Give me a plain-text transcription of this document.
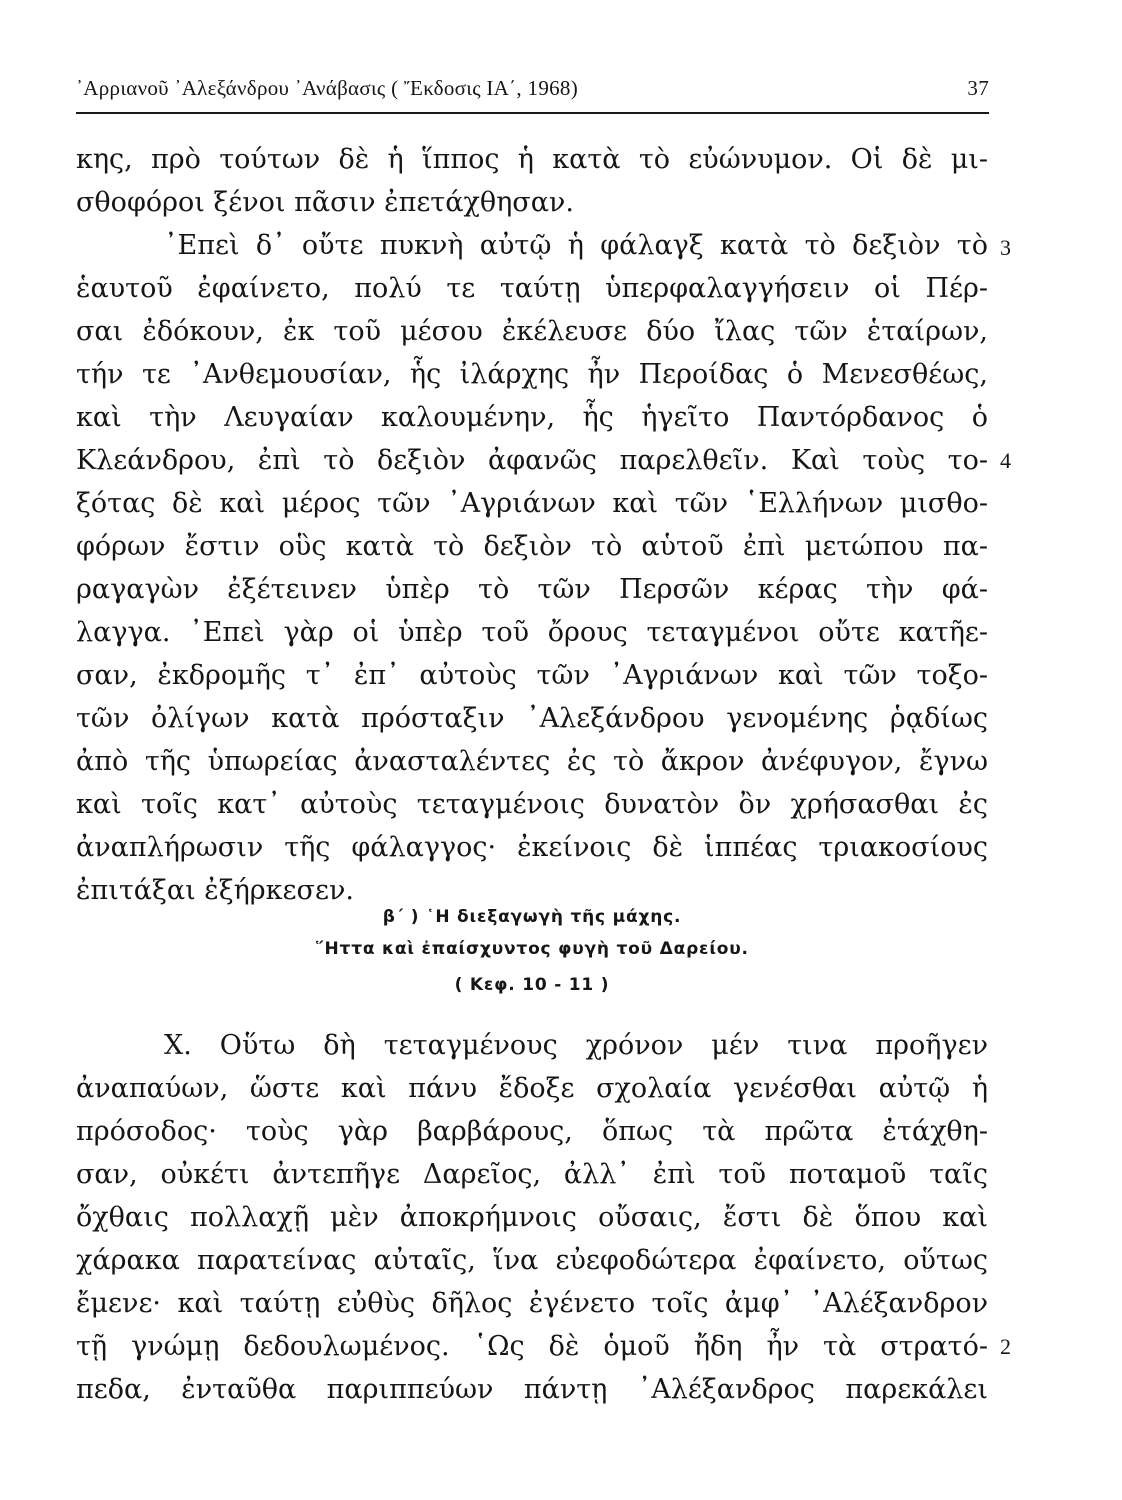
᾿Αρριανοῦ ᾿Αλεξάνδρου ᾿Ανάβασις ( Ἔκδοσις ΙΑ΄, 1968)	37
κης, πρὸ τούτων δὲ ἡ ἵππος ἡ κατὰ τὸ εὐώνυμον. Οἱ δὲ μι-
σθοφόροι ξένοι πᾶσιν ἐπετάχθησαν.
᾿Επεὶ δ᾿ οὔτε πυκνὴ αὐτῷ ἡ φάλαγξ κατὰ τὸ δεξιὸν τὸ 3
ἑαυτοῦ ἐφαίνετο, πολύ τε ταύτῃ ὑπερφαλαγγήσειν οἱ Πέρ-
σαι ἐδόκουν, ἐκ τοῦ μέσου ἐκέλευσε δύο ἴλας τῶν ἑταίρων,
τήν τε ᾿Ανθεμουσίαν, ἧς ἰλάρχης ἦν Περοίδας ὁ Μενεσθέως,
καὶ τὴν Λευγαίαν καλουμένην, ἧς ἡγεῖτο Παντόρδανος ὁ
Κλεάνδρου, ἐπὶ τὸ δεξιὸν ἀφανῶς παρελθεῖν. Καὶ τοὺς το- 4
ξότας δὲ καὶ μέρος τῶν ᾿Αγριάνων καὶ τῶν ῾Ελλήνων μισθο-
φόρων ἔστιν οὓς κατὰ τὸ δεξιὸν τὸ αὑτοῦ ἐπὶ μετώπου πα-
ραγαγὼν ἐξέτεινεν ὑπὲρ τὸ τῶν Περσῶν κέρας τὴν φά-
λαγγα. ᾿Επεὶ γὰρ οἱ ὑπὲρ τοῦ ὄρους τεταγμένοι οὔτε κατῆε-
σαν, ἐκδρομῆς τ᾿ ἐπ᾿ αὐτοὺς τῶν ᾿Αγριάνων καὶ τῶν τοξο-
τῶν ὀλίγων κατὰ πρόσταξιν ᾿Αλεξάνδρου γενομένης ῥᾳδίως
ἀπὸ τῆς ὑπωρείας ἀνασταλέντες ἐς τὸ ἄκρον ἀνέφυγον, ἔγνω
καὶ τοῖς κατ᾿ αὐτοὺς τεταγμένοις δυνατὸν ὂν χρήσασθαι ἐς
ἀναπλήρωσιν τῆς φάλαγγος· ἐκείνοις δὲ ἱππέας τριακοσίους
ἐπιτάξαι ἐξήρκεσεν.
β΄ ) ῾Η διεξαγωγὴ τῆς μάχης.
῞Ηττα καὶ ἐπαίσχυντος φυγὴ τοῦ Δαρείου.
( Κεφ. 10 - 11 )
X. Οὕτω δὴ τεταγμένους χρόνον μέν τινα προῆγεν
ἀναπαύων, ὥστε καὶ πάνυ ἔδοξε σχολαία γενέσθαι αὐτῷ ἡ
πρόσοδος· τοὺς γὰρ βαρβάρους, ὅπως τὰ πρῶτα ἐτάχθη-
σαν, οὐκέτι ἀντεπῆγε Δαρεῖος, ἀλλ᾿ ἐπὶ τοῦ ποταμοῦ ταῖς
ὄχθαις πολλαχῇ μὲν ἀποκρήμνοις οὔσαις, ἔστι δὲ ὅπου καὶ
χάρακα παρατείνας αὐταῖς, ἵνα εὐεφοδώτερα ἐφαίνετο, οὕτως
ἔμενε· καὶ ταύτῃ εὐθὺς δῆλος ἐγένετο τοῖς ἀμφ᾿ ᾿Αλέξανδρον
τῇ γνώμῃ δεδουλωμένος. ῾Ως δὲ ὁμοῦ ἤδη ἦν τὰ στρατό- 2
πεδα, ἐνταῦθα παριππεύων πάντῃ ᾿Αλέξανδρος παρεκάλει
